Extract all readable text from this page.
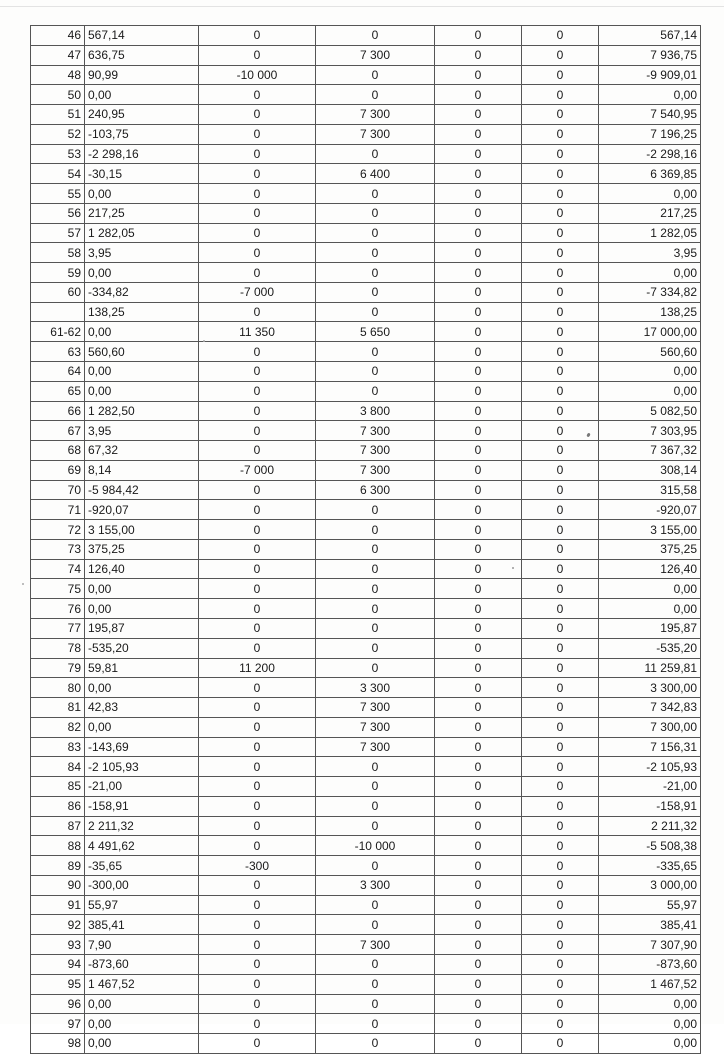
46	567,14	0	0	0	0	567,14
47	636,75	0	7 300	0	0	7 936,75
48	90,99	-10 000	0	0	0	-9 909,01
50	0,00	0	0	0	0	0,00
51	240,95	0	7 300	0	0	7 540,95
52	-103,75	0	7 300	0	0	7 196,25
53	-2 298,16	0	0	0	0	-2 298,16
54	-30,15	0	6 400	0	0	6 369,85
55	0,00	0	0	0	0	0,00
56	217,25	0	0	0	0	217,25
57	1 282,05	0	0	0	0	1 282,05
58	3,95	0	0	0	0	3,95
59	0,00	0	0	0	0	0,00
60	-334,82	-7 000	0	0	0	-7 334,82
	138,25	0	0	0	0	138,25
61-62	0,00	11 350	5 650	0	0	17 000,00
63	560,60	0	0	0	0	560,60
64	0,00	0	0	0	0	0,00
65	0,00	0	0	0	0	0,00
66	1 282,50	0	3 800	0	0	5 082,50
67	3,95	0	7 300	0	0	7 303,95
68	67,32	0	7 300	0	0	7 367,32
69	8,14	-7 000	7 300	0	0	308,14
70	-5 984,42	0	6 300	0	0	315,58
71	-920,07	0	0	0	0	-920,07
72	3 155,00	0	0	0	0	3 155,00
73	375,25	0	0	0	0	375,25
74	126,40	0	0	0	0	126,40
75	0,00	0	0	0	0	0,00
76	0,00	0	0	0	0	0,00
77	195,87	0	0	0	0	195,87
78	-535,20	0	0	0	0	-535,20
79	59,81	11 200	0	0	0	11 259,81
80	0,00	0	3 300	0	0	3 300,00
81	42,83	0	7 300	0	0	7 342,83
82	0,00	0	7 300	0	0	7 300,00
83	-143,69	0	7 300	0	0	7 156,31
84	-2 105,93	0	0	0	0	-2 105,93
85	-21,00	0	0	0	0	-21,00
86	-158,91	0	0	0	0	-158,91
87	2 211,32	0	0	0	0	2 211,32
88	4 491,62	0	-10 000	0	0	-5 508,38
89	-35,65	-300	0	0	0	-335,65
90	-300,00	0	3 300	0	0	3 000,00
91	55,97	0	0	0	0	55,97
92	385,41	0	0	0	0	385,41
93	7,90	0	7 300	0	0	7 307,90
94	-873,60	0	0	0	0	-873,60
95	1 467,52	0	0	0	0	1 467,52
96	0,00	0	0	0	0	0,00
97	0,00	0	0	0	0	0,00
98	0,00	0	0	0	0	0,00
